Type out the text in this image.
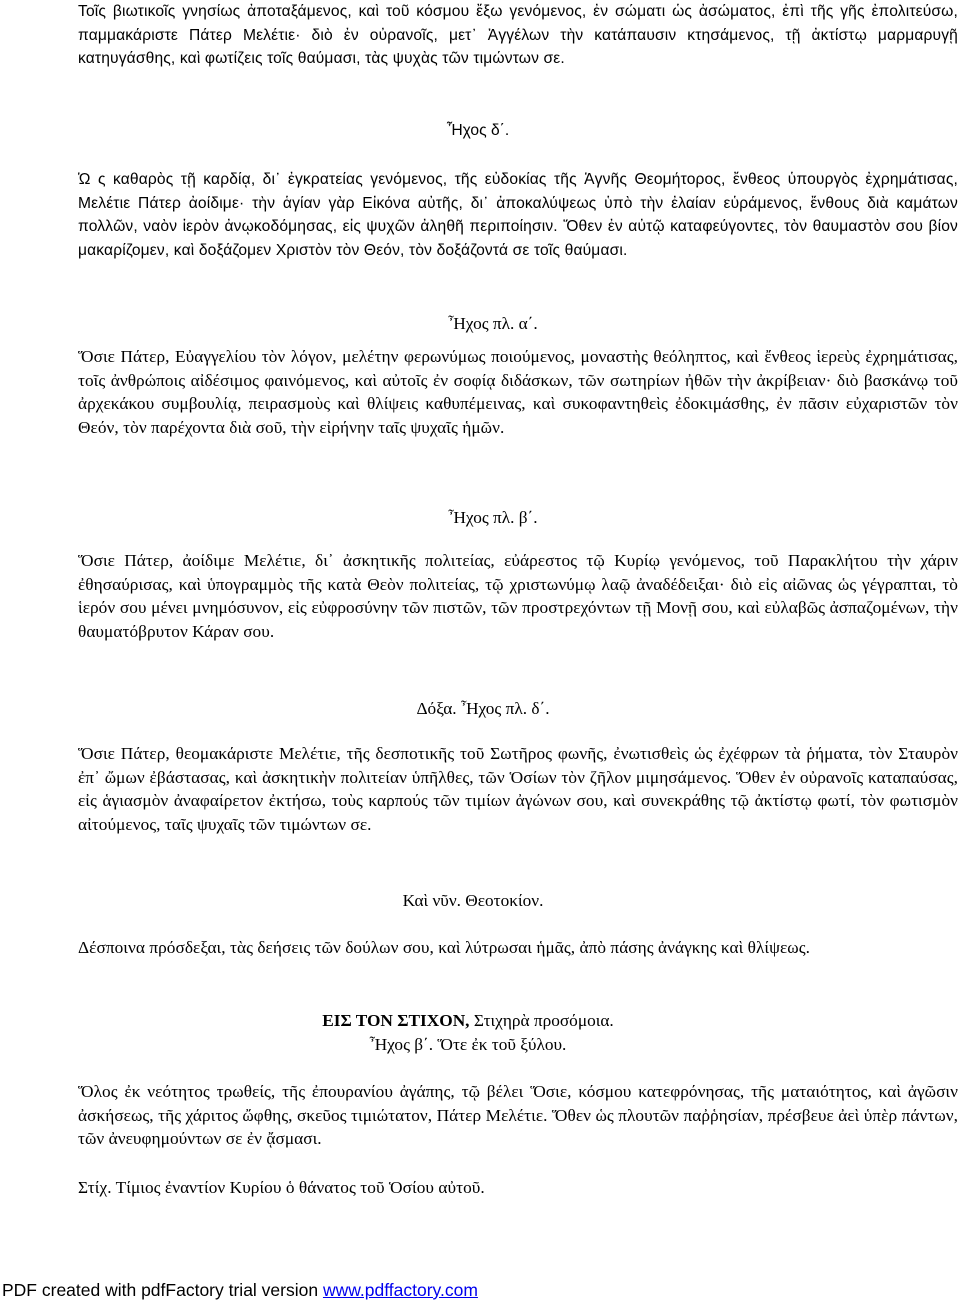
Τοῖς βιωτικοῖς γνησίως ἀποταξάμενος, καὶ τοῦ κόσμου ἔξω γενόμενος, ἐν σώματι ὡς ἀσώματος, ἐπὶ τῆς γῆς ἐπολιτεύσω, παμμακάριστε Πάτερ Μελέτιε· διὸ ἐν οὐρανοῖς, μετ᾽ Ἀγγέλων τὴν κατάπαυσιν κτησάμενος, τῇ ἀκτίστῳ μαρμαρυγῇ κατηυγάσθης, καὶ φωτίζεις τοῖς θαύμασι, τὰς ψυχὰς τῶν τιμώντων σε.

Ἦχος δ΄.

Ὡ ς καθαρὸς τῇ καρδίᾳ, δι᾽ ἐγκρατείας γενόμενος, τῆς εὐδοκίας τῆς Ἁγνῆς Θεομήτορος, ἔνθεος ὑπουργὸς ἐχρημάτισας, Μελέτιε Πάτερ ἀοίδιμε· τὴν ἁγίαν γὰρ Εἰκόνα αὐτῆς, δι᾽ ἀποκαλύψεως ὑπὸ τὴν ἐλαίαν εὑράμενος, ἔνθους διὰ καμάτων πολλῶν, ναὸν ἱερὸν ἀνῳκοδόμησας, εἰς ψυχῶν ἀληθῆ περιποίησιν. Ὅθεν ἐν αὐτῷ καταφεύγοντες, τὸν θαυμαστὸν σου βίον μακαρίζομεν, καὶ δοξάζομεν Χριστὸν τὸν Θεόν, τὸν δοξάζοντά σε τοῖς θαύμασι.

Ἦχος πλ. α΄.

Ὅσιε Πάτερ, Εὐαγγελίου τὸν λόγον, μελέτην φερωνύμως ποιούμενος, μοναστὴς θεόληπτος, καὶ ἔνθεος ἱερεὺς ἐχρημάτισας, τοῖς ἀνθρώποις αἰδέσιμος φαινόμενος, καὶ αὐτοῖς ἐν σοφίᾳ διδάσκων, τῶν σωτηρίων ἠθῶν τὴν ἀκρίβειαν· διὸ βασκάνῳ τοῦ ἀρχεκάκου συμβουλίᾳ, πειρασμοὺς καὶ θλίψεις καθυπέμεινας, καὶ συκοφαντηθεὶς ἐδοκιμάσθης, ἐν πᾶσιν εὐχαριστῶν τὸν Θεόν, τὸν παρέχοντα διὰ σοῦ, τὴν εἰρήνην ταῖς ψυχαῖς ἡμῶν.

Ἦχος πλ. β΄.

Ὅσιε Πάτερ, ἀοίδιμε Μελέτιε, δι᾽ ἀσκητικῆς πολιτείας, εὐάρεστος τῷ Κυρίῳ γενόμενος, τοῦ Παρακλήτου τὴν χάριν ἐθησαύρισας, καὶ ὑπογραμμὸς τῆς κατὰ Θεὸν πολιτείας, τῷ χριστωνύμῳ λαῷ ἀναδέδειξαι· διὸ εἰς αἰῶνας ὡς γέγραπται, τὸ ἱερόν σου μένει μνημόσυνον, εἰς εὐφροσύνην τῶν πιστῶν, τῶν προστρεχόντων τῇ Μονῇ σου, καὶ εὐλαβῶς ἀσπαζομένων, τὴν θαυματόβρυτον Κάραν σου.

Δόξα. Ἦχος πλ. δ΄.

Ὅσιε Πάτερ, θεομακάριστε Μελέτιε, τῆς δεσποτικῆς τοῦ Σωτῆρος φωνῆς, ἐνωτισθεὶς ὡς ἐχέφρων τὰ ῥήματα, τὸν Σταυρὸν ἐπ᾽ ὤμων ἐβάστασας, καὶ ἀσκητικὴν πολιτείαν ὑπῆλθες, τῶν Ὁσίων τὸν ζῆλον μιμησάμενος. Ὅθεν ἐν οὐρανοῖς καταπαύσας, εἰς ἁγιασμὸν ἀναφαίρετον ἐκτήσω, τοὺς καρπούς τῶν τιμίων ἀγώνων σου, καὶ συνεκράθης τῷ ἀκτίστῳ φωτί, τὸν φωτισμὸν αἰτούμενος, ταῖς ψυχαῖς τῶν τιμώντων σε.

Καὶ νῦν. Θεοτοκίον.

Δέσποινα πρόσδεξαι, τὰς δεήσεις τῶν δούλων σου, καὶ λύτρωσαι ἡμᾶς, ἀπὸ πάσης ἀνάγκης καὶ θλίψεως.

ΕΙΣ ΤΟΝ ΣΤΙΧΟΝ, Στιχηρὰ προσόμοια.

Ἦχος β΄. Ὅτε ἐκ τοῦ ξύλου.

Ὅλος ἐκ νεότητος τρωθείς, τῆς ἐπουρανίου ἀγάπης, τῷ βέλει Ὅσιε, κόσμου κατεφρόνησας, τῆς ματαιότητος, καὶ ἀγῶσιν ἀσκήσεως, τῆς χάριτος ὤφθης, σκεῦος τιμιώτατον, Πάτερ Μελέτιε. Ὅθεν ὡς πλουτῶν παῤῥησίαν, πρέσβευε ἀεὶ ὑπὲρ πάντων, τῶν ἀνευφημούντων σε ἐν ᾄσμασι.

Στίχ. Τίμιος ἐναντίον Κυρίου ὁ θάνατος τοῦ Ὁσίου αὐτοῦ.

PDF created with pdfFactory trial version www.pdffactory.com
